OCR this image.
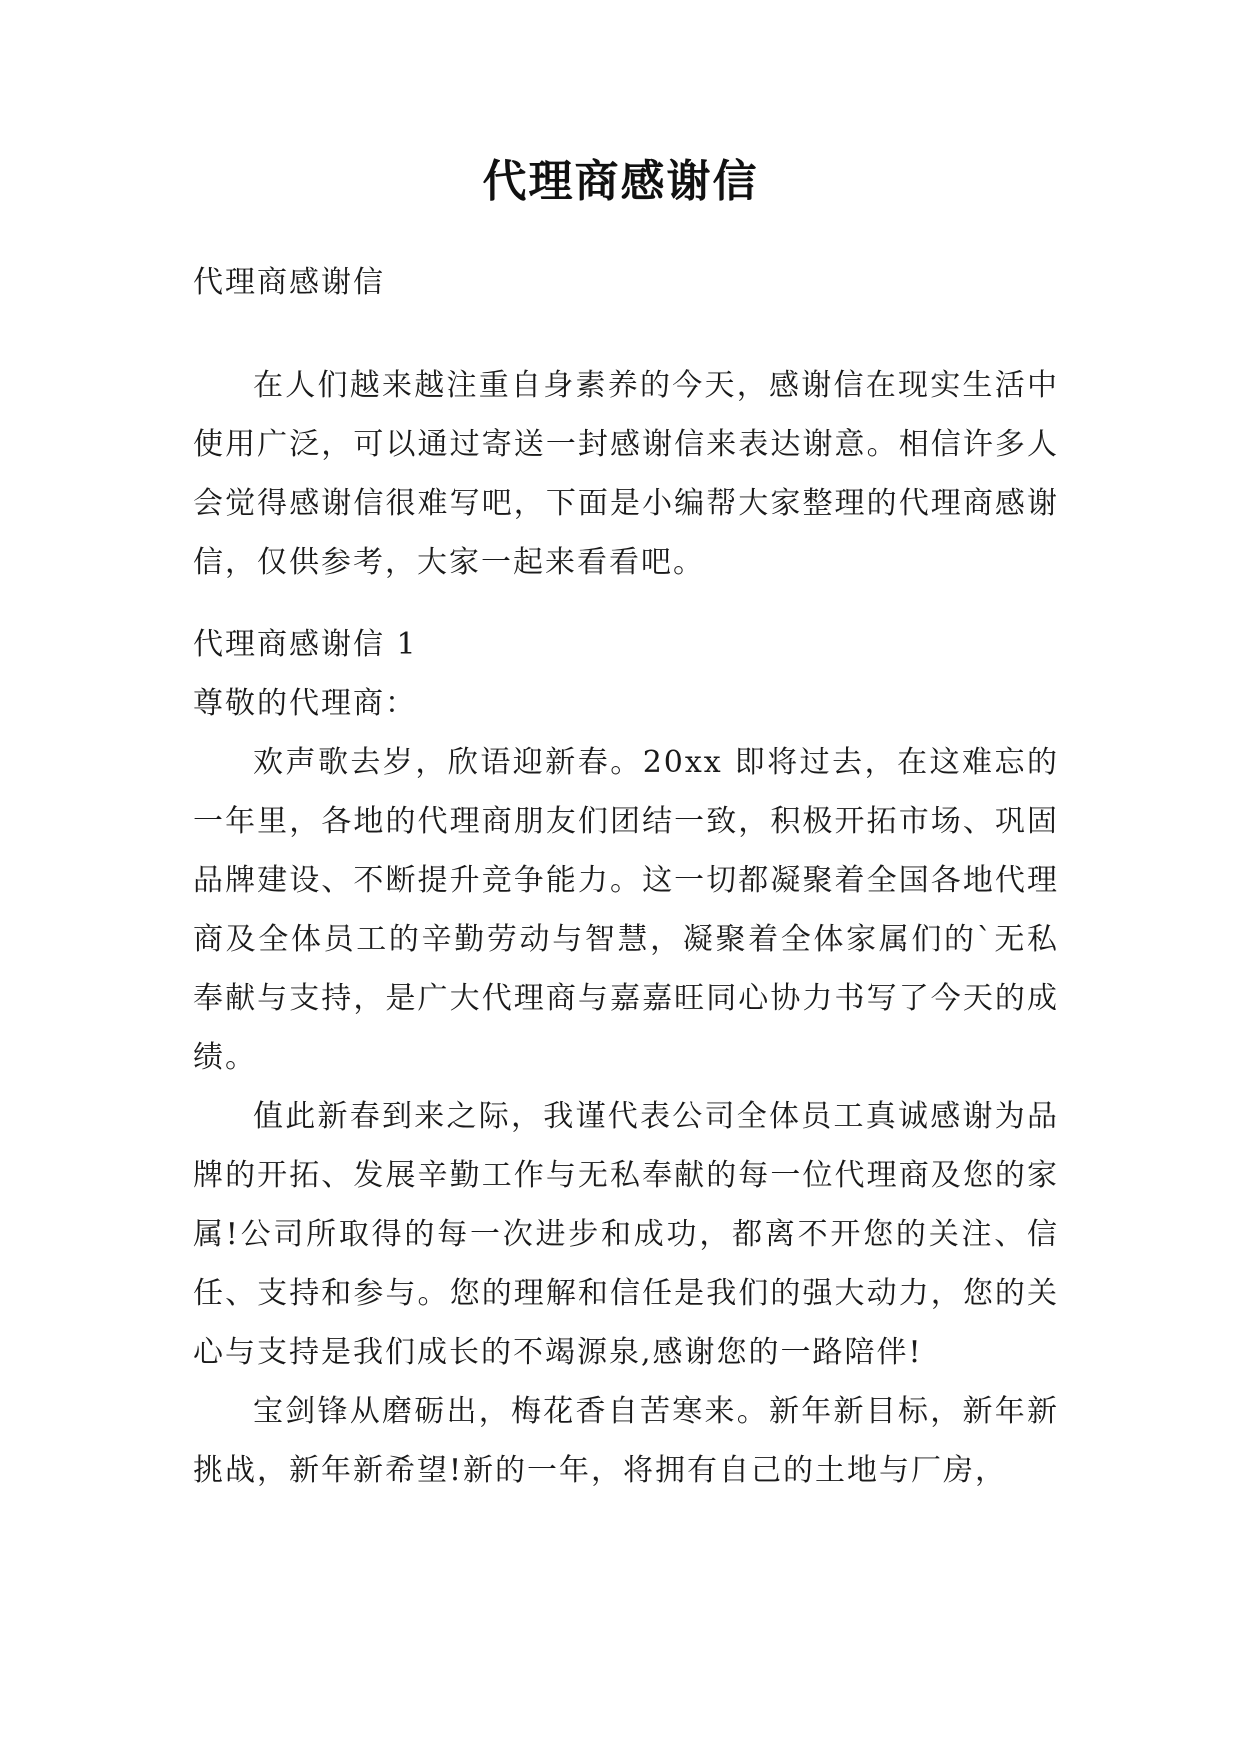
代理商感谢信

代理商感谢信

在人们越来越注重自身素养的今天，感谢信在现实生活中使用广泛，可以通过寄送一封感谢信来表达谢意。相信许多人会觉得感谢信很难写吧，下面是小编帮大家整理的代理商感谢信，仅供参考，大家一起来看看吧。

代理商感谢信 1

尊敬的代理商：

欢声歌去岁，欣语迎新春。20xx 即将过去，在这难忘的一年里，各地的代理商朋友们团结一致，积极开拓市场、巩固品牌建设、不断提升竞争能力。这一切都凝聚着全国各地代理商及全体员工的辛勤劳动与智慧，凝聚着全体家属们的`无私奉献与支持，是广大代理商与嘉嘉旺同心协力书写了今天的成绩。

值此新春到来之际，我谨代表公司全体员工真诚感谢为品牌的开拓、发展辛勤工作与无私奉献的每一位代理商及您的家属!公司所取得的每一次进步和成功，都离不开您的关注、信任、支持和参与。您的理解和信任是我们的强大动力，您的关心与支持是我们成长的不竭源泉,感谢您的一路陪伴!

宝剑锋从磨砺出，梅花香自苦寒来。新年新目标，新年新挑战，新年新希望!新的一年，将拥有自己的土地与厂房，
